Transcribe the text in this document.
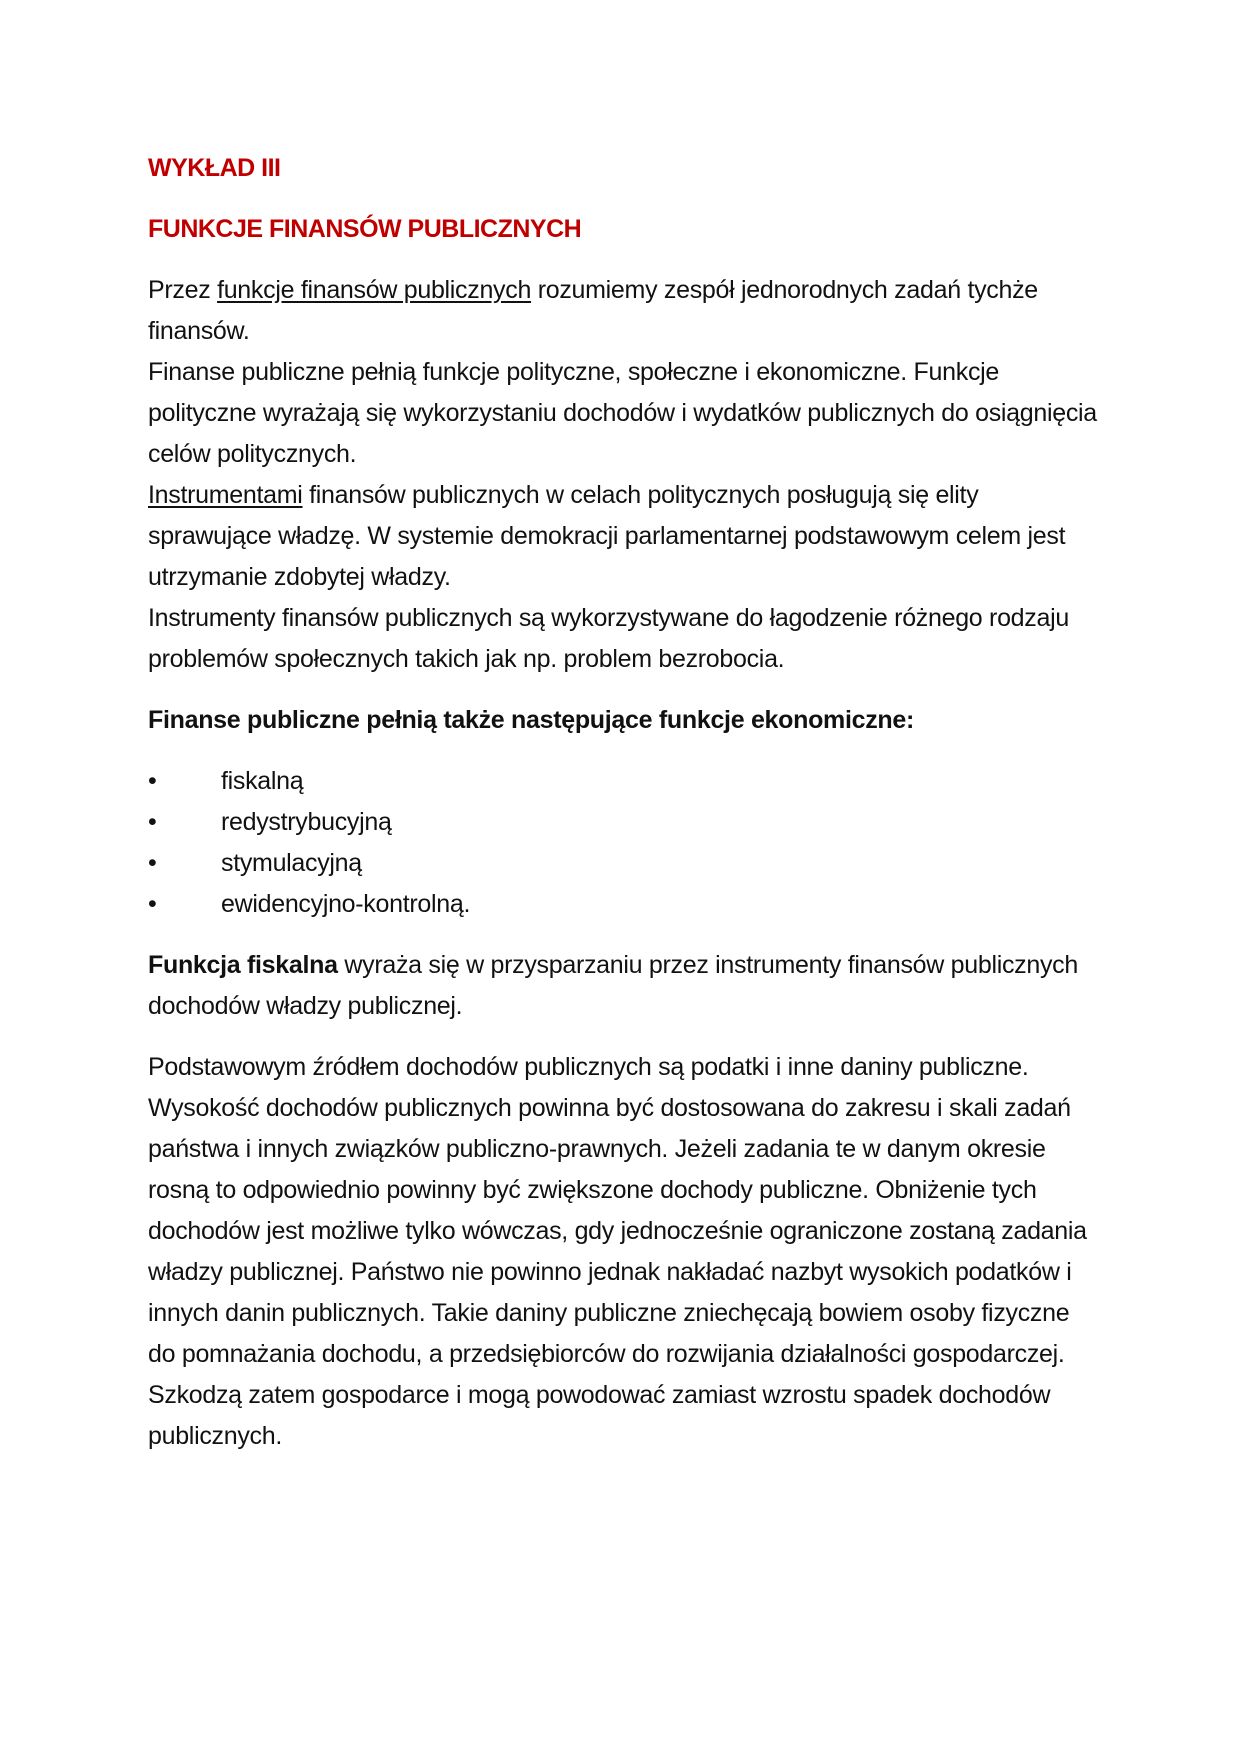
WYKŁAD III
FUNKCJE FINANSÓW PUBLICZNYCH

Przez funkcje finansów publicznych rozumiemy zespół jednorodnych zadań tychże finansów.

Finanse publiczne pełnią funkcje polityczne, społeczne i ekonomiczne. Funkcje polityczne wyrażają się wykorzystaniu dochodów i wydatków publicznych do osiągnięcia celów politycznych.

Instrumentami finansów publicznych w celach politycznych posługują się elity sprawujące władzę. W systemie demokracji parlamentarnej podstawowym celem jest utrzymanie zdobytej władzy.

Instrumenty finansów publicznych są wykorzystywane do łagodzenie różnego rodzaju problemów społecznych takich jak np. problem bezrobocia.

Finanse publiczne pełnią także następujące funkcje ekonomiczne:

•	fiskalną
•	redystrybucyjną
•	stymulacyjną
•	ewidencyjno-kontrolną.

Funkcja fiskalna wyraża się w przysparzaniu przez instrumenty finansów publicznych dochodów władzy publicznej.

Podstawowym źródłem dochodów publicznych są podatki i inne daniny publiczne. Wysokość dochodów publicznych powinna być dostosowana do zakresu i skali zadań państwa i innych związków publiczno-prawnych. Jeżeli zadania te w danym okresie rosną to odpowiednio powinny być zwiększone dochody publiczne. Obniżenie tych dochodów jest możliwe tylko wówczas, gdy jednocześnie ograniczone zostaną zadania władzy publicznej. Państwo nie powinno jednak nakładać nazbyt wysokich podatków i innych danin publicznych. Takie daniny publiczne zniechęcają bowiem osoby fizyczne do pomnażania dochodu, a przedsiębiorców do rozwijania działalności gospodarczej. Szkodzą zatem gospodarce i mogą powodować zamiast wzrostu spadek dochodów publicznych.
